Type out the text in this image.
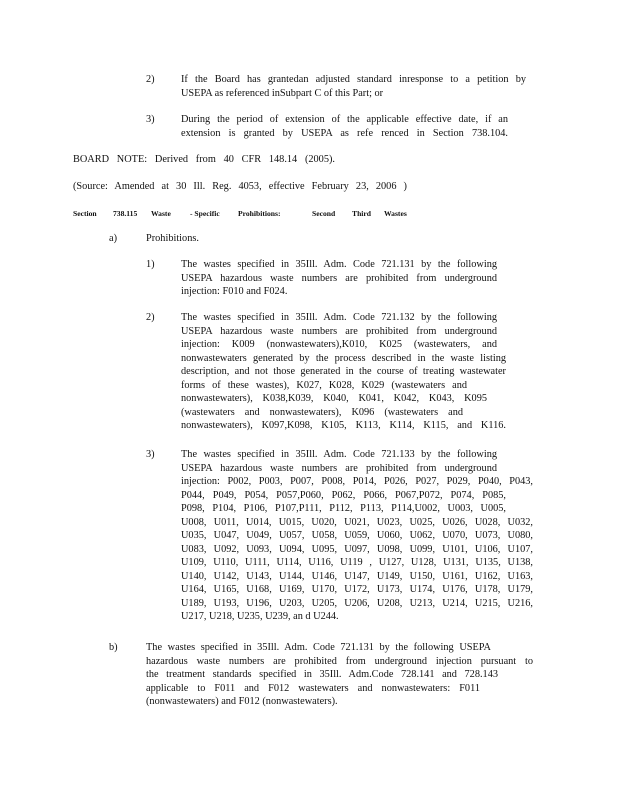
2)	If the Board has grantedan adjusted standard inresponse to a petition by
USEPA as referenced inSubpart C of this Part; or
3)	During the period of extension of the applicable effective date, if an
extension is granted by USEPA as refe renced in Section 738.104.
BOARD NOTE: Derived from 40 CFR 148.14 (2005).
(Source: Amended at 30 Ill. Reg. 4053, effective February 23, 2006 )
Section 738.115 Waste	- Specific Prohibitions:	Second Third Wastes
a)	Prohibitions.
1)	The wastes specified in 35Ill. Adm. Code 721.131 by the following
USEPA hazardous waste numbers are prohibited from underground
injection: F010 and F024.
2)	The wastes specified in 35Ill. Adm. Code 721.132 by the following
USEPA hazardous waste numbers are prohibited from underground
injection: K009 (nonwastewaters),K010, K025 (wastewaters, and
nonwastewaters generated by the process described in the waste listing
description, and not those generated in the course of treating wastewater
forms of these wastes), K027, K028, K029 (wastewaters and
nonwastewaters), K038,K039, K040, K041, K042, K043, K095
(wastewaters and nonwastewaters), K096 (wastewaters and
nonwastewaters), K097,K098, K105, K113, K114, K115, and K116.
3)	The wastes specified in 35Ill. Adm. Code 721.133 by the following
USEPA hazardous waste numbers are prohibited from underground
injection: P002, P003, P007, P008, P014, P026, P027, P029, P040, P043,
P044, P049, P054, P057,P060, P062, P066, P067,P072, P074, P085,
P098, P104, P106, P107,P111, P112, P113, P114,U002, U003, U005,
U008, U011, U014, U015, U020, U021, U023, U025, U026, U028, U032,
U035, U047, U049, U057, U058, U059, U060, U062, U070, U073, U080,
U083, U092, U093, U094, U095, U097, U098, U099, U101, U106, U107,
U109, U110, U111, U114, U116, U119 , U127, U128, U131, U135, U138,
U140, U142, U143, U144, U146, U147, U149, U150, U161, U162, U163,
U164, U165, U168, U169, U170, U172, U173, U174, U176, U178, U179,
U189, U193, U196, U203, U205, U206, U208, U213, U214, U215, U216,
U217, U218, U235, U239, an d U244.
b)	The wastes specified in 35Ill. Adm. Code 721.131 by the following USEPA
hazardous waste numbers are prohibited from underground injection pursuant to
the treatment standards specified in 35Ill. Adm.Code 728.141 and 728.143
applicable to F011 and F012 wastewaters and nonwastewaters: F011
(nonwastewaters) and F012 (nonwastewaters).
